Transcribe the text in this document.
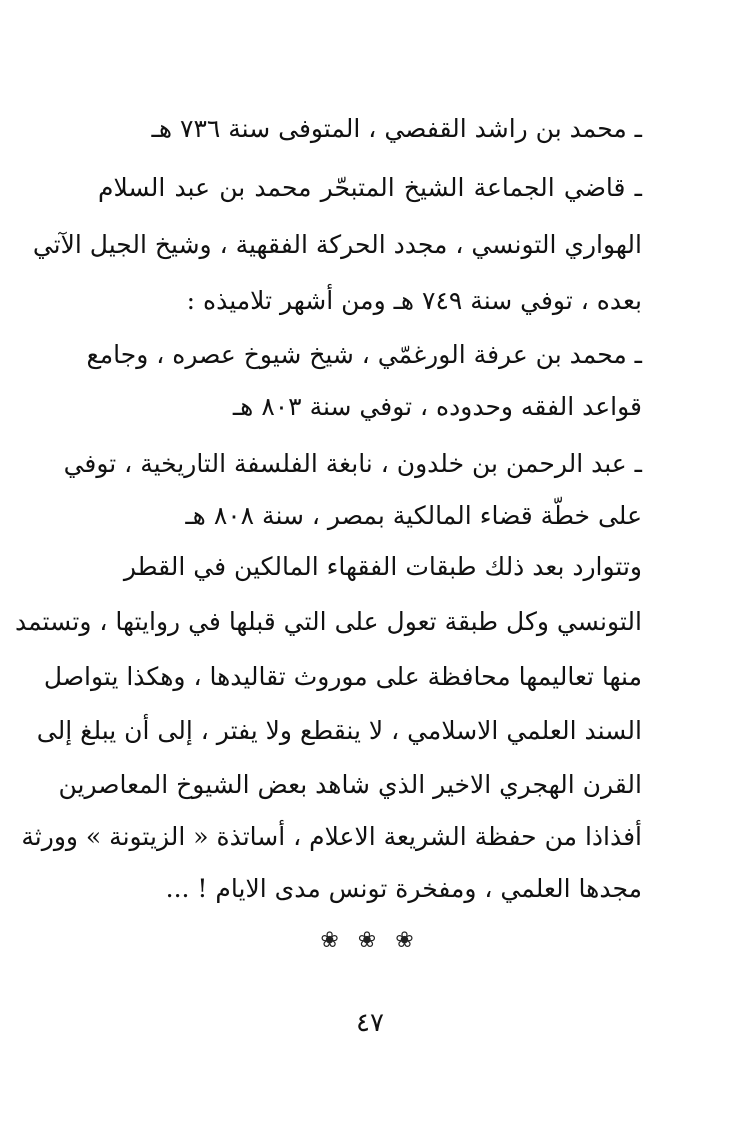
ـ محمد بن راشد القفصي ، المتوفى سنة ٧٣٦ هـ
ـ قاضي الجماعة الشيخ المتبحّر محمد بن عبد السلام
الهواري التونسي ، مجدد الحركة الفقهية ، وشيخ الجيل الآتي
بعده ، توفي سنة ٧٤٩ هـ ومن أشهر تلاميذه :
ـ محمد بن عرفة الورغمّي ، شيخ شيوخ عصره ، وجامع
قواعد الفقه وحدوده ، توفي سنة ٨٠٣ هـ
ـ عبد الرحمن بن خلدون ، نابغة الفلسفة التاريخية ، توفي
على خطّة قضاء المالكية بمصر ، سنة ٨٠٨ هـ
وتتوارد بعد ذلك طبقات الفقهاء المالكين في القطر
التونسي وكل طبقة تعول على التي قبلها في روايتها ، وتستمد
منها تعاليمها محافظة على موروث تقاليدها ، وهكذا يتواصل
السند العلمي الاسلامي ، لا ينقطع ولا يفتر ، إلى أن يبلغ إلى
القرن الهجري الاخير الذي شاهد بعض الشيوخ المعاصرين
أفذاذا من حفظة الشريعة الاعلام ، أساتذة « الزيتونة » وورثة
مجدها العلمي ، ومفخرة تونس مدى الايام ! ...
❀ ❀ ❀
٤٧
